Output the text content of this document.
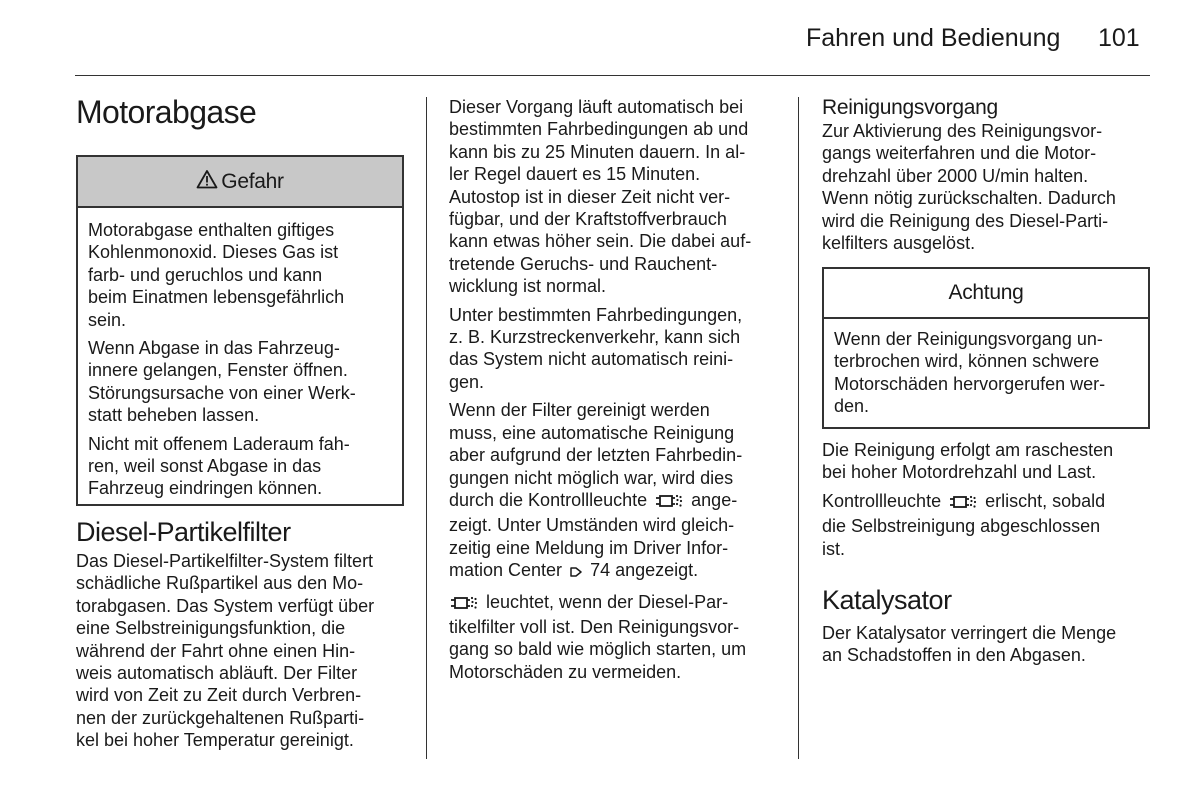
Fahren und Bedienung 101
Motorabgase
Gefahr
Motorabgase enthalten giftiges
Kohlenmonoxid. Dieses Gas ist
farb- und geruchlos und kann
beim Einatmen lebensgefährlich
sein.
Wenn Abgase in das Fahrzeug-
innere gelangen, Fenster öffnen.
Störungsursache von einer Werk-
statt beheben lassen.
Nicht mit offenem Laderaum fah-
ren, weil sonst Abgase in das
Fahrzeug eindringen können.
Diesel-Partikelfilter
Das Diesel-Partikelfilter-System filtert
schädliche Rußpartikel aus den Mo-
torabgasen. Das System verfügt über
eine Selbstreinigungsfunktion, die
während der Fahrt ohne einen Hin-
weis automatisch abläuft. Der Filter
wird von Zeit zu Zeit durch Verbren-
nen der zurückgehaltenen Rußparti-
kel bei hoher Temperatur gereinigt.
Dieser Vorgang läuft automatisch bei
bestimmten Fahrbedingungen ab und
kann bis zu 25 Minuten dauern. In al-
ler Regel dauert es 15 Minuten.
Autostop ist in dieser Zeit nicht ver-
fügbar, und der Kraftstoffverbrauch
kann etwas höher sein. Die dabei auf-
tretende Geruchs- und Rauchent-
wicklung ist normal.
Unter bestimmten Fahrbedingungen,
z. B. Kurzstreckenverkehr, kann sich
das System nicht automatisch reini-
gen.
Wenn der Filter gereinigt werden
muss, eine automatische Reinigung
aber aufgrund der letzten Fahrbedin-
gungen nicht möglich war, wird dies
durch die Kontrollleuchte ange-
zeigt. Unter Umständen wird gleich-
zeitig eine Meldung im Driver Infor-
mation Center 74 angezeigt.
leuchtet, wenn der Diesel-Par-
tikelfilter voll ist. Den Reinigungsvor-
gang so bald wie möglich starten, um
Motorschäden zu vermeiden.
Reinigungsvorgang
Zur Aktivierung des Reinigungsvor-
gangs weiterfahren und die Motor-
drehzahl über 2000 U/min halten.
Wenn nötig zurückschalten. Dadurch
wird die Reinigung des Diesel-Parti-
kelfilters ausgelöst.
Achtung
Wenn der Reinigungsvorgang un-
terbrochen wird, können schwere
Motorschäden hervorgerufen wer-
den.
Die Reinigung erfolgt am raschesten
bei hoher Motordrehzahl und Last.
Kontrollleuchte erlischt, sobald
die Selbstreinigung abgeschlossen
ist.
Katalysator
Der Katalysator verringert die Menge
an Schadstoffen in den Abgasen.
